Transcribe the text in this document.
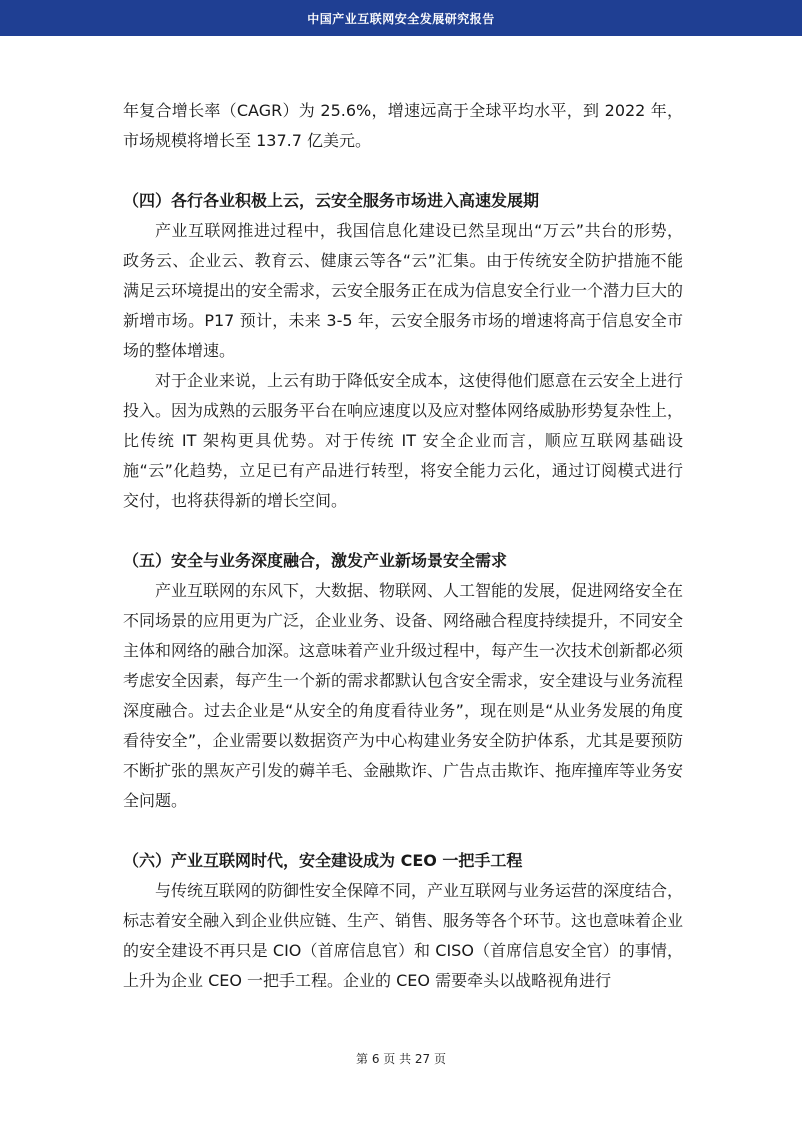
中国产业互联网安全发展研究报告

年复合增长率（CAGR）为 25.6%，增速远高于全球平均水平，到 2022 年，市场规模将增长至 137.7 亿美元。

（四）各行各业积极上云，云安全服务市场进入高速发展期

产业互联网推进过程中，我国信息化建设已然呈现出“万云”共台的形势，政务云、企业云、教育云、健康云等各“云”汇集。由于传统安全防护措施不能满足云环境提出的安全需求，云安全服务正在成为信息安全行业一个潜力巨大的新增市场。P17 预计，未来 3-5 年，云安全服务市场的增速将高于信息安全市场的整体增速。

对于企业来说，上云有助于降低安全成本，这使得他们愿意在云安全上进行投入。因为成熟的云服务平台在响应速度以及应对整体网络威胁形势复杂性上，比传统 IT 架构更具优势。对于传统 IT 安全企业而言，顺应互联网基础设施“云”化趋势，立足已有产品进行转型，将安全能力云化，通过订阅模式进行交付，也将获得新的增长空间。

（五）安全与业务深度融合，激发产业新场景安全需求

产业互联网的东风下，大数据、物联网、人工智能的发展，促进网络安全在不同场景的应用更为广泛，企业业务、设备、网络融合程度持续提升，不同安全主体和网络的融合加深。这意味着产业升级过程中，每产生一次技术创新都必须考虑安全因素，每产生一个新的需求都默认包含安全需求，安全建设与业务流程深度融合。过去企业是“从安全的角度看待业务”，现在则是“从业务发展的角度看待安全”，企业需要以数据资产为中心构建业务安全防护体系，尤其是要预防不断扩张的黑灰产引发的薅羊毛、金融欺诈、广告点击欺诈、拖库撞库等业务安全问题。

（六）产业互联网时代，安全建设成为 CEO 一把手工程

与传统互联网的防御性安全保障不同，产业互联网与业务运营的深度结合，标志着安全融入到企业供应链、生产、销售、服务等各个环节。这也意味着企业的安全建设不再只是 CIO（首席信息官）和 CISO（首席信息安全官）的事情，上升为企业 CEO 一把手工程。企业的 CEO 需要牵头以战略视角进行

第 6 页 共 27 页
